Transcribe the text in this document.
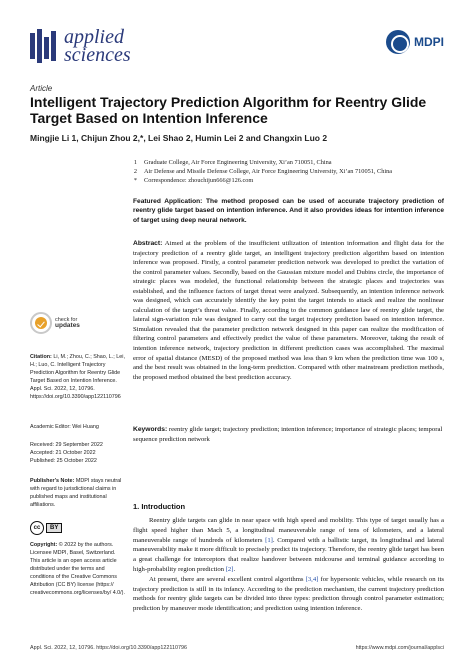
applied
sciences
MDPI
Article
Intelligent Trajectory Prediction Algorithm for Reentry Glide Target Based on Intention Inference
Mingjie Li 1, Chijun Zhou 2,*, Lei Shao 2, Humin Lei 2 and Changxin Luo 2
1 Graduate College, Air Force Engineering University, Xi’an 710051, China
2 Air Defense and Missile Defense College, Air Force Engineering University, Xi’an 710051, China
* Correspondence: zhouchijun666@126.com
Featured Application: The method proposed can be used of accurate trajectory prediction of reentry glide target based on intention inference. And it also provides ideas for intention inference of target using deep neural network.
Abstract: Aimed at the problem of the insufficient utilization of intention information and flight data for the trajectory prediction of a reentry glide target, an intelligent trajectory prediction algorithm based on intention inference was proposed. Firstly, a control parameter prediction network was developed to predict the variation of the control parameter values. Secondly, based on the Gaussian mixture model and Dubins circle, the importance of strategic places was modeled, the functional relationship between the strategic places and trajectories was established, and the influence factors of target threat were analyzed. Subsequently, an intention inference network was designed, which can accurately identify the key point the target intends to attack and realize the nonlinear calculation of the target’s threat value. Finally, according to the common guidance law of reentry glide target, the lateral sign-variation rule was designed to carry out the target trajectory prediction based on intention inference. Simulation revealed that the parameter prediction network designed in this paper can realize the modification of filtering control parameters and effectively predict the value of these parameters. Moreover, taking the result of intention inference network, trajectory prediction in different prediction cases was accomplished. The maximal error of spatial distance (MESD) of the proposed method was less than 9 km when the prediction time was 100 s, and the best result was obtained in the long-term prediction. Compared with other mainstream prediction methods, the proposed method obtained the best prediction accuracy.
Keywords: reentry glide target; trajectory prediction; intention inference; importance of strategic places; temporal sequence prediction network
check for
updates
Citation: Li, M.; Zhou, C.; Shao, L.; Lei, H.; Luo, C. Intelligent Trajectory Prediction Algorithm for Reentry Glide Target Based on Intention Inference. Appl. Sci. 2022, 12, 10796. https://doi.org/10.3390/app122110796
Academic Editor: Wei Huang
Received: 29 September 2022
Accepted: 21 October 2022
Published: 25 October 2022
Publisher’s Note: MDPI stays neutral with regard to jurisdictional claims in published maps and institutional affiliations.
cc	BY
Copyright: © 2022 by the authors. Licensee MDPI, Basel, Switzerland. This article is an open access article distributed under the terms and conditions of the Creative Commons Attribution (CC BY) license (https:// creativecommons.org/licenses/by/ 4.0/).
1. Introduction

Reentry glide targets can glide in near space with high speed and mobility. This type of target usually has a flight speed higher than Mach 5, a longitudinal maneuverable range of tens of kilometers, and a lateral maneuverable range of hundreds of kilometers [1]. Compared with a ballistic target, its longitudinal and lateral maneuverability make it more difficult to precisely predict its trajectory. Therefore, the reentry glide target has been a great challenge for interceptors that realize handover between midcourse and terminal guidance according to high-probability region prediction [2].

At present, there are several excellent control algorithms [3,4] for hypersonic vehicles, while research on its trajectory prediction is still in its infancy. According to the prediction mechanism, the current trajectory prediction methods for reentry glide targets can be divided into three types: prediction through control parameter estimation; prediction by maneuver mode identification; and prediction using intention inference.

Appl. Sci. 2022, 12, 10796. https://doi.org/10.3390/app122110796	https://www.mdpi.com/journal/applsci
